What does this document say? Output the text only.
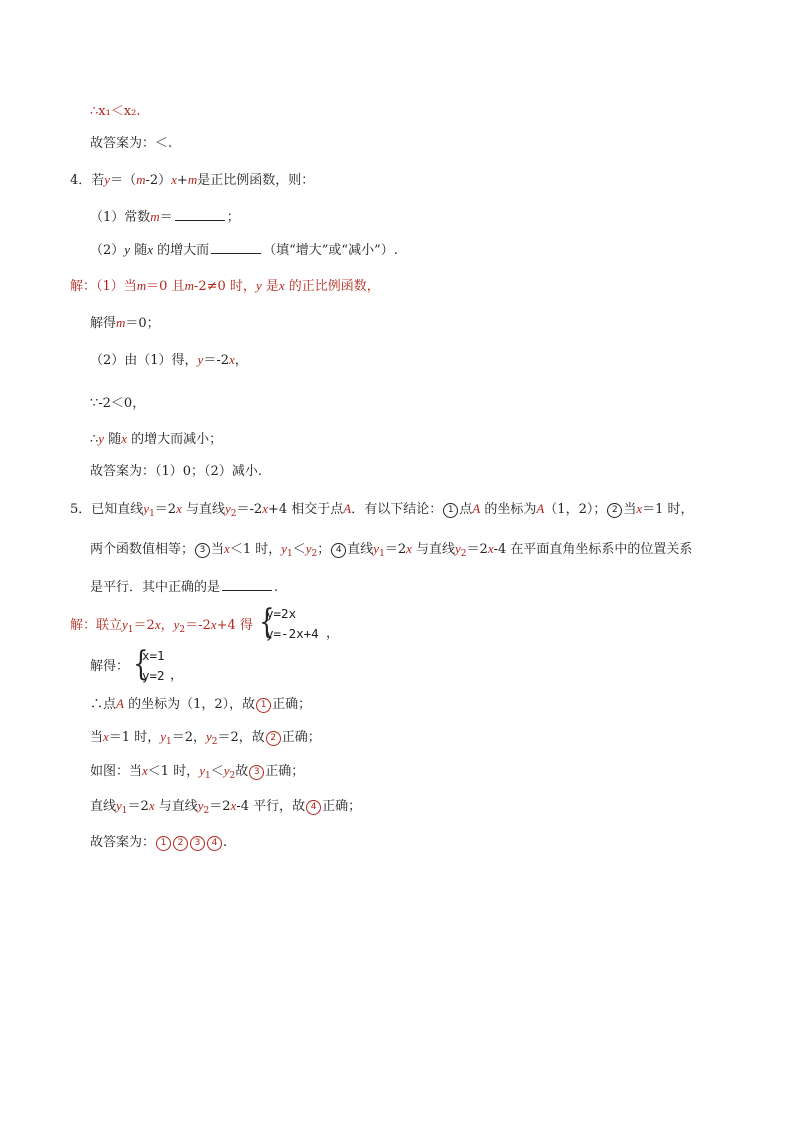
∴x₁＜x₂.
故答案为：＜.
4．若y＝（m-2）x+m是正比例函数，则：
（1）常数m＝	；
（2）y 随x 的增大而	（填“增大”或“减小”）.
解：（1）当m＝0 且m-2≠0 时，y 是x 的正比例函数，
解得m＝0；
（2）由（1）得，y＝-2x，
∵-2＜0，
∴y 随x 的增大而减小；
故答案为：（1）0；（2）减小.
5．已知直线$y_1=2x$ 与直线$y_2=-2x+4$ 相交于点A．有以下结论： 1 点A 的坐标为A（1，2）； 2 当x＝1 时，
两个函数值相等； 3 当x＜1 时，$y_1<y_2$； 4 直线$y_1=2x$ 与直线$y_2=2x-4$ 在平面直角坐标系中的位置关系
是平行．其中正确的是	.
解：联立$y_1=2x$，$y_2=-2x+4$ 得 {
y=2x
y=-2x+4 ，
解得： {
x=1
y=2 ，
∴点A 的坐标为（1，2），故 1 正确；
当x＝1 时，$y_1=2$，$y_2=2$，故 2 正确；
如图：当x＜1 时，$y_1<y_2$故 3 正确；
直线$y_1=2x$ 与直线$y_2=2x-4$ 平行，故 4 正确；
故答案为： 1 2 3 4 .
